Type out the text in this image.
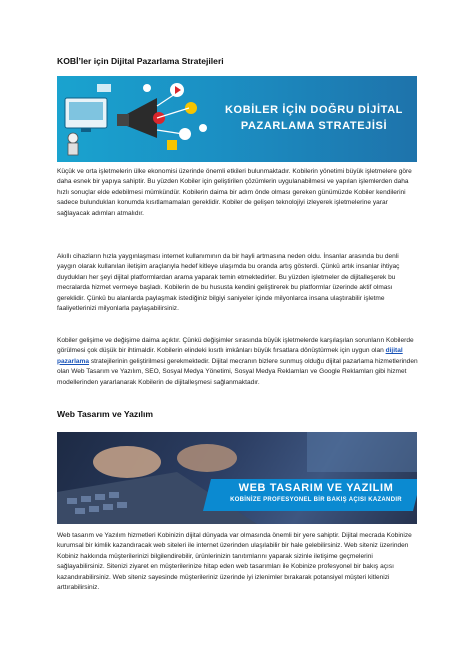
KOBİ’ler için Dijital Pazarlama Stratejileri
KOBİLER İÇİN DOĞRU DİJİTAL
PAZARLAMA STRATEJİSİ
Küçük ve orta işletmelerin ülke ekonomisi üzerinde önemli etkileri bulunmaktadır. Kobilerin yönetimi büyük işletmelere göre daha esnek bir yapıya sahiptir. Bu yüzden Kobiler için geliştirilen çözümlerin uygulanabilmesi ve yapılan işlemlerden daha hızlı sonuçlar elde edebilmesi mümkündür. Kobilerin daima bir adım önde olması gereken günümüzde Kobiler kendilerini sadece bulundukları konumda kısıtlamamaları gereklidir. Kobiler de gelişen teknolojiyi izleyerek işletmelerine yarar sağlayacak adımları atmalıdır.
Akıllı cihazların hızla yaygınlaşması internet kullanımının da bir hayli artmasına neden oldu. İnsanlar arasında bu denli yaygın olarak kullanılan iletişim araçlarıyla hedef kitleye ulaşımda bu oranda artış gösterdi. Çünkü artık insanlar ihtiyaç duydukları her şeyi dijital platformlardan arama yaparak temin etmektedirler. Bu yüzden işletmeler de dijitalleşerek bu mecralarda hizmet vermeye başladı. Kobilerin de bu hususta kendini geliştirerek bu platformlar üzerinde aktif olması gereklidir. Çünkü bu alanlarda paylaşmak istediğiniz bilgiyi saniyeler içinde milyonlarca insana ulaştırabilir işletme faaliyetlerinizi milyonlarla paylaşabilirsiniz.
Kobiler gelişime ve değişime daima açıktır. Çünkü değişimler sırasında büyük işletmelerde karşılaşılan sorunların Kobilerde görülmesi çok düşük bir ihtimaldir. Kobilerin elindeki kısıtlı imkânları büyük fırsatlara dönüştürmek için uygun olan dijital pazarlama stratejilerinin geliştirilmesi gerekmektedir. Dijital mecranın bizlere sunmuş olduğu dijital pazarlama hizmetlerinden olan Web Tasarım ve Yazılım, SEO, Sosyal Medya Yönetimi, Sosyal Medya Reklamları ve Google Reklamları gibi hizmet modellerinden yararlanarak Kobilerin de dijitalleşmesi sağlanmaktadır.
Web Tasarım ve Yazılım
WEB TASARIM VE YAZILIM
KOBİNİZE PROFESYONEL BİR BAKIŞ AÇISI KAZANDIR
Web tasarım ve Yazılım hizmetleri Kobinizin dijital dünyada var olmasında önemli bir yere sahiptir. Dijital mecrada Kobinize kurumsal bir kimlik kazandıracak web siteleri ile internet üzerinden ulaşılabilir bir hale gelebilirsiniz. Web siteniz üzerinden Kobiniz hakkında müşterilerinizi bilgilendirebilir, ürünlerinizin tanıtımlarını yaparak sizinle iletişime geçmelerini sağlayabilirsiniz. Sitenizi ziyaret en müşterilerinize hitap eden web tasarımları ile Kobinize profesyonel bir bakış açısı kazandırabilirsiniz. Web siteniz sayesinde müşterileriniz üzerinde iyi izlenimler bırakarak potansiyel müşteri kitlenizi arttırabilirsiniz.
